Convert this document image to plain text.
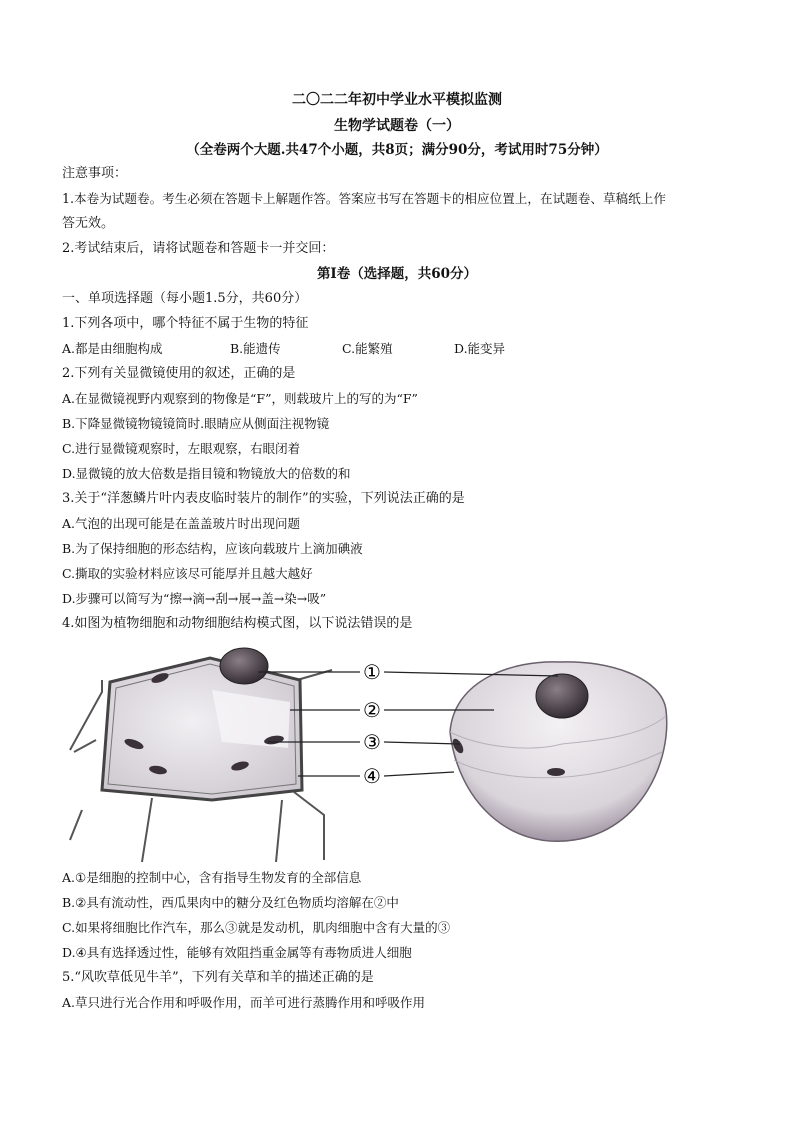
二〇二二年初中学业水平模拟监测
生物学试题卷（一）
（全卷两个大题.共47个小题，共8页；满分90分，考试用时75分钟）
注意事项：
1.本卷为试题卷。考生必须在答题卡上解题作答。答案应书写在答题卡的相应位置上，在试题卷、草稿纸上作
答无效。
2.考试结束后，请将试题卷和答题卡一并交回：
第Ⅰ卷（选择题，共60分）
一、单项选择题（每小题1.5分，共60分）
1.下列各项中，哪个特征不属于生物的特征
A.都是由细胞构成	B.能遗传	C.能繁殖	D.能变异
2.下列有关显微镜使用的叙述，正确的是
A.在显微镜视野内观察到的物像是“F”，则载玻片上的写的为“F”
B.下降显微镜物镜镜筒时.眼睛应从侧面注视物镜
C.进行显微镜观察时，左眼观察，右眼闭着
D.显微镜的放大倍数是指目镜和物镜放大的倍数的和
3.关于“洋葱鳞片叶内表皮临时装片的制作”的实验，下列说法正确的是
A.气泡的出现可能是在盖盖玻片时出现问题
B.为了保持细胞的形态结构，应该向载玻片上滴加碘液
C.撕取的实验材料应该尽可能厚并且越大越好
D.步骤可以简写为“擦→滴→刮→展→盖→染→吸”
4.如图为植物细胞和动物细胞结构模式图，以下说法错误的是
①
②
③
④
A.①是细胞的控制中心，含有指导生物发育的全部信息
B.②具有流动性，西瓜果肉中的糖分及红色物质均溶解在②中
C.如果将细胞比作汽车，那么③就是发动机，肌肉细胞中含有大量的③
D.④具有选择透过性，能够有效阻挡重金属等有毒物质进人细胞
5.“风吹草低见牛羊”，下列有关草和羊的描述正确的是
A.草只进行光合作用和呼吸作用，而羊可进行蒸腾作用和呼吸作用
